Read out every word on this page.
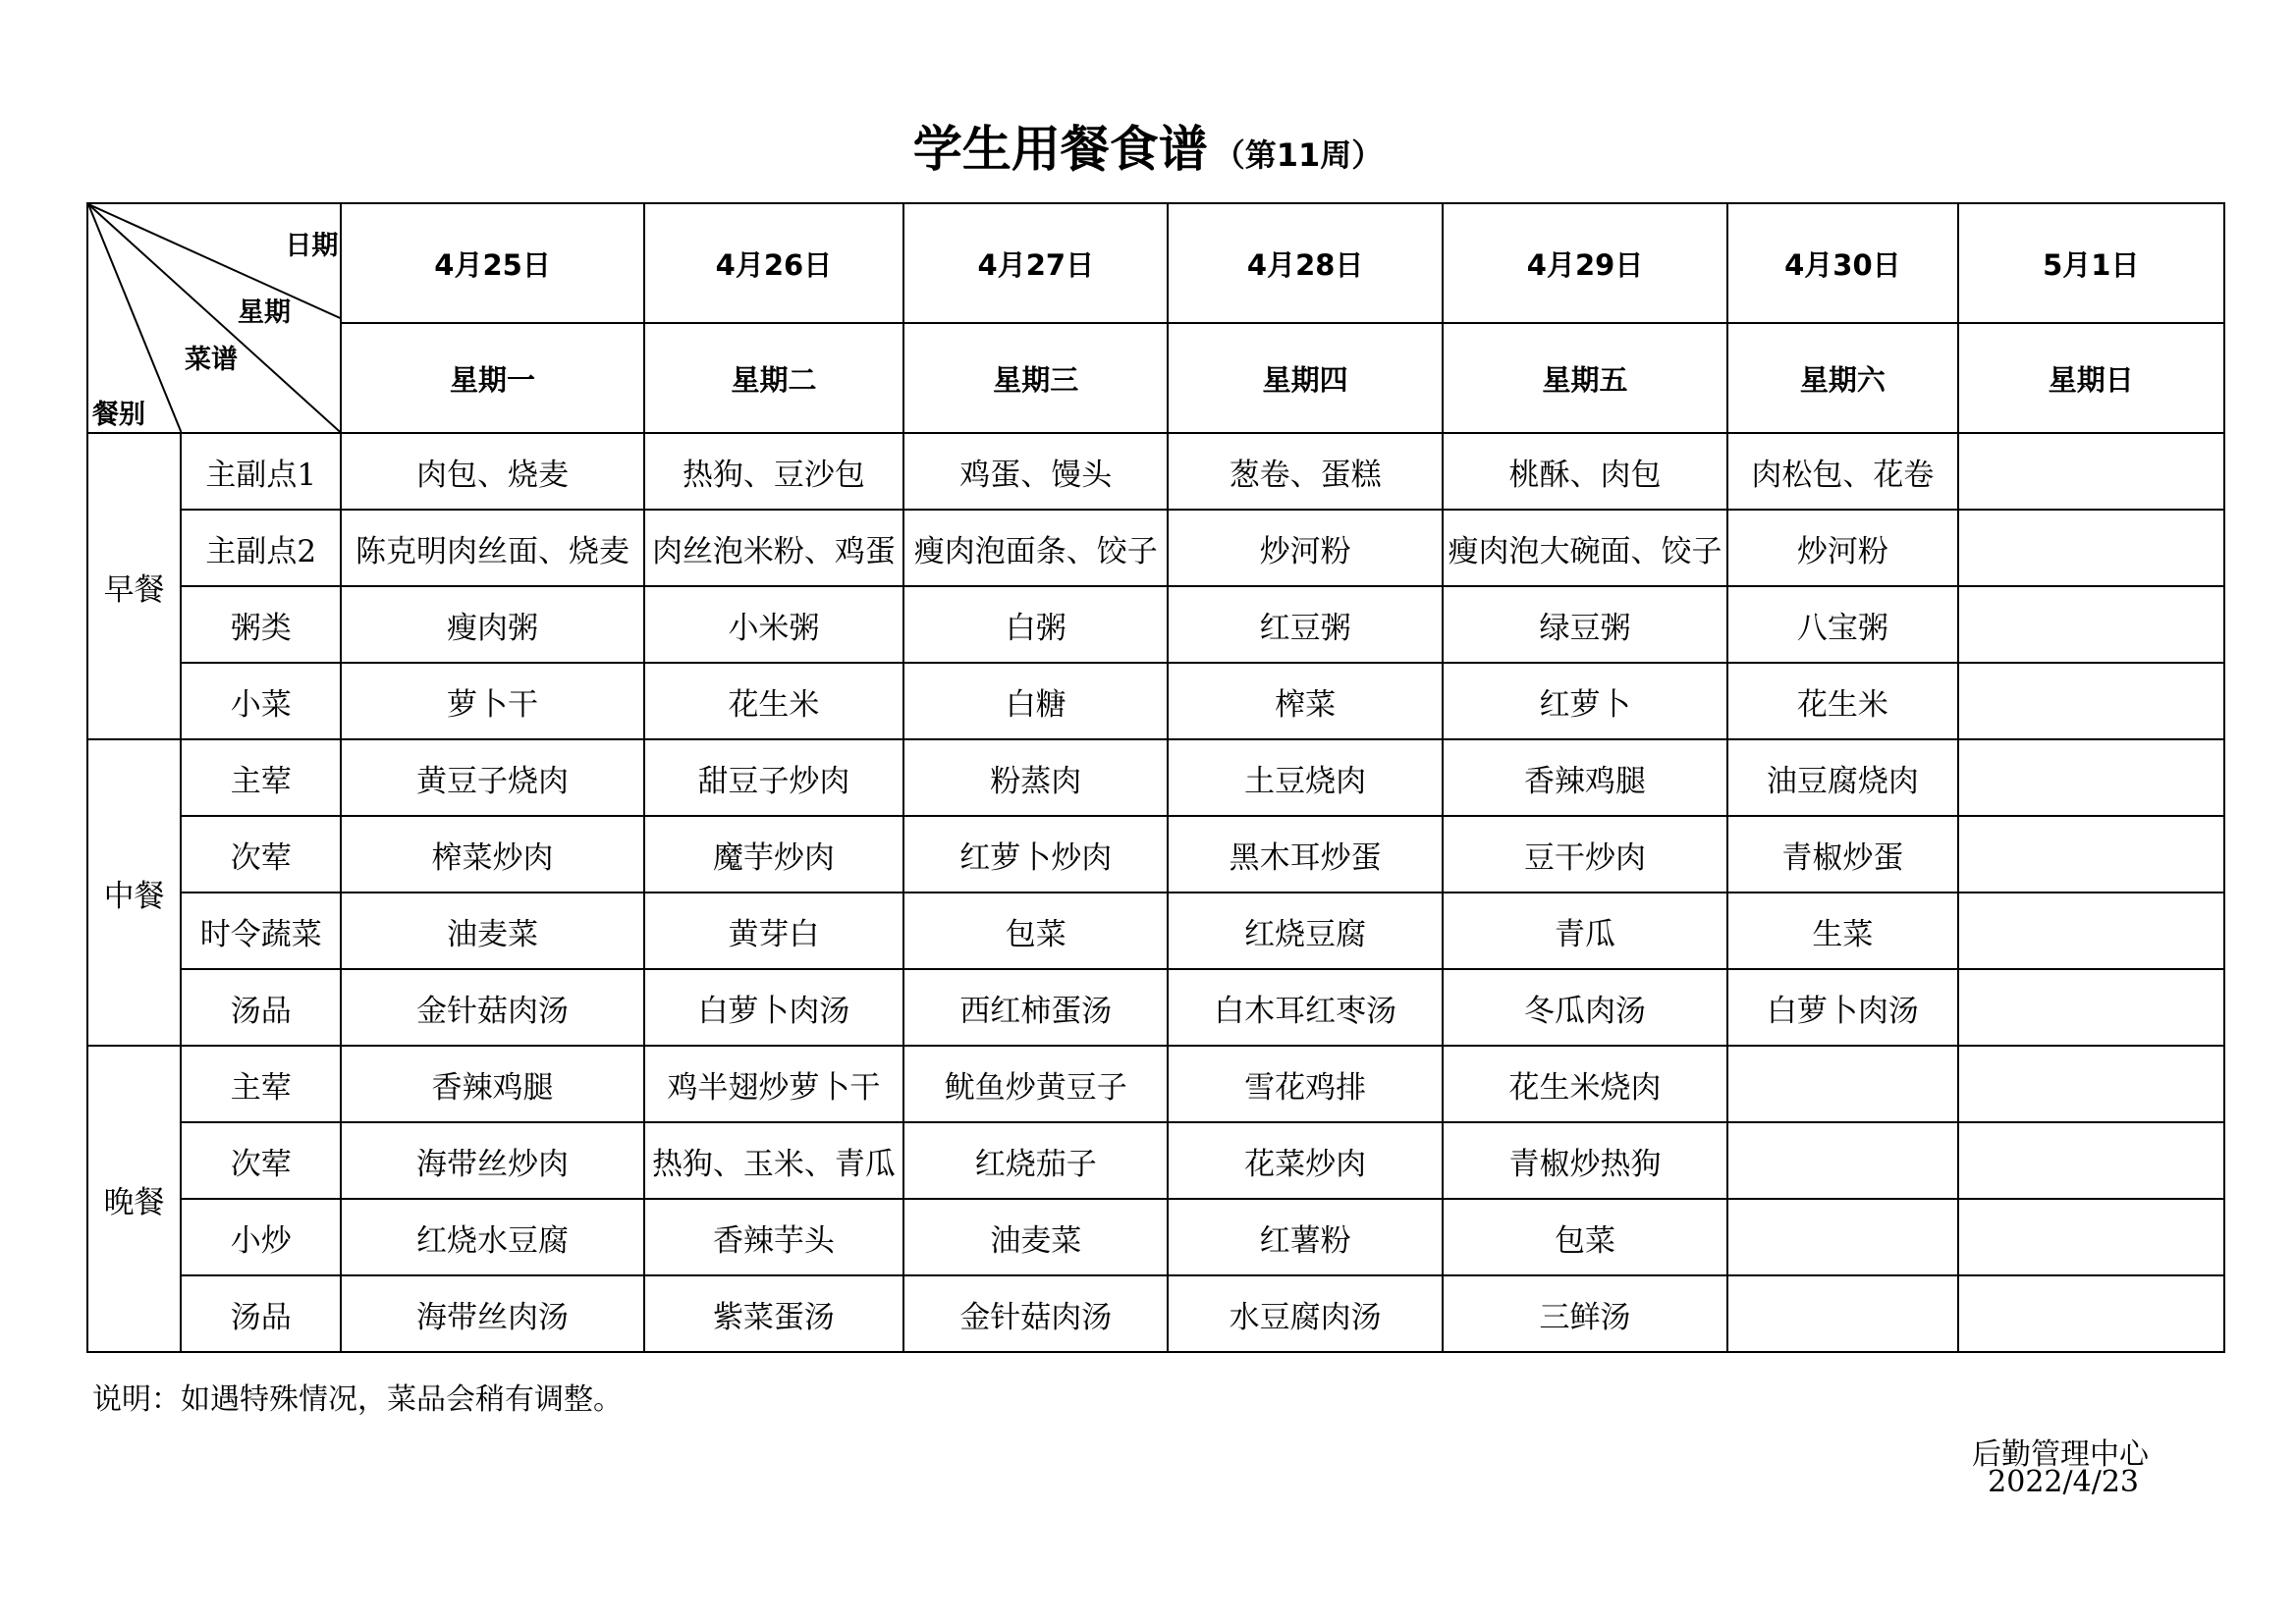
学生用餐食谱 （第11周）
日期
星期
菜谱
餐别		4月25日	4月26日	4月27日	4月28日	4月29日	4月30日	5月1日
		星期一	星期二	星期三	星期四	星期五	星期六	星期日
早餐	主副点1	肉包、烧麦	热狗、豆沙包	鸡蛋、馒头	葱卷、蛋糕	桃酥、肉包	肉松包、花卷	
	主副点2	陈克明肉丝面、烧麦	肉丝泡米粉、鸡蛋	瘦肉泡面条、饺子	炒河粉	瘦肉泡大碗面、饺子	炒河粉	
	粥类	瘦肉粥	小米粥	白粥	红豆粥	绿豆粥	八宝粥	
	小菜	萝卜干	花生米	白糖	榨菜	红萝卜	花生米	
中餐	主荤	黄豆子烧肉	甜豆子炒肉	粉蒸肉	土豆烧肉	香辣鸡腿	油豆腐烧肉	
	次荤	榨菜炒肉	魔芋炒肉	红萝卜炒肉	黑木耳炒蛋	豆干炒肉	青椒炒蛋	
	时令蔬菜	油麦菜	黄芽白	包菜	红烧豆腐	青瓜	生菜	
	汤品	金针菇肉汤	白萝卜肉汤	西红柿蛋汤	白木耳红枣汤	冬瓜肉汤	白萝卜肉汤	
晚餐	主荤	香辣鸡腿	鸡半翅炒萝卜干	鱿鱼炒黄豆子	雪花鸡排	花生米烧肉		
	次荤	海带丝炒肉	热狗、玉米、青瓜	红烧茄子	花菜炒肉	青椒炒热狗		
	小炒	红烧水豆腐	香辣芋头	油麦菜	红薯粉	包菜		
	汤品	海带丝肉汤	紫菜蛋汤	金针菇肉汤	水豆腐肉汤	三鲜汤		
说明：如遇特殊情况，菜品会稍有调整。
后勤管理中心
2022/4/23
